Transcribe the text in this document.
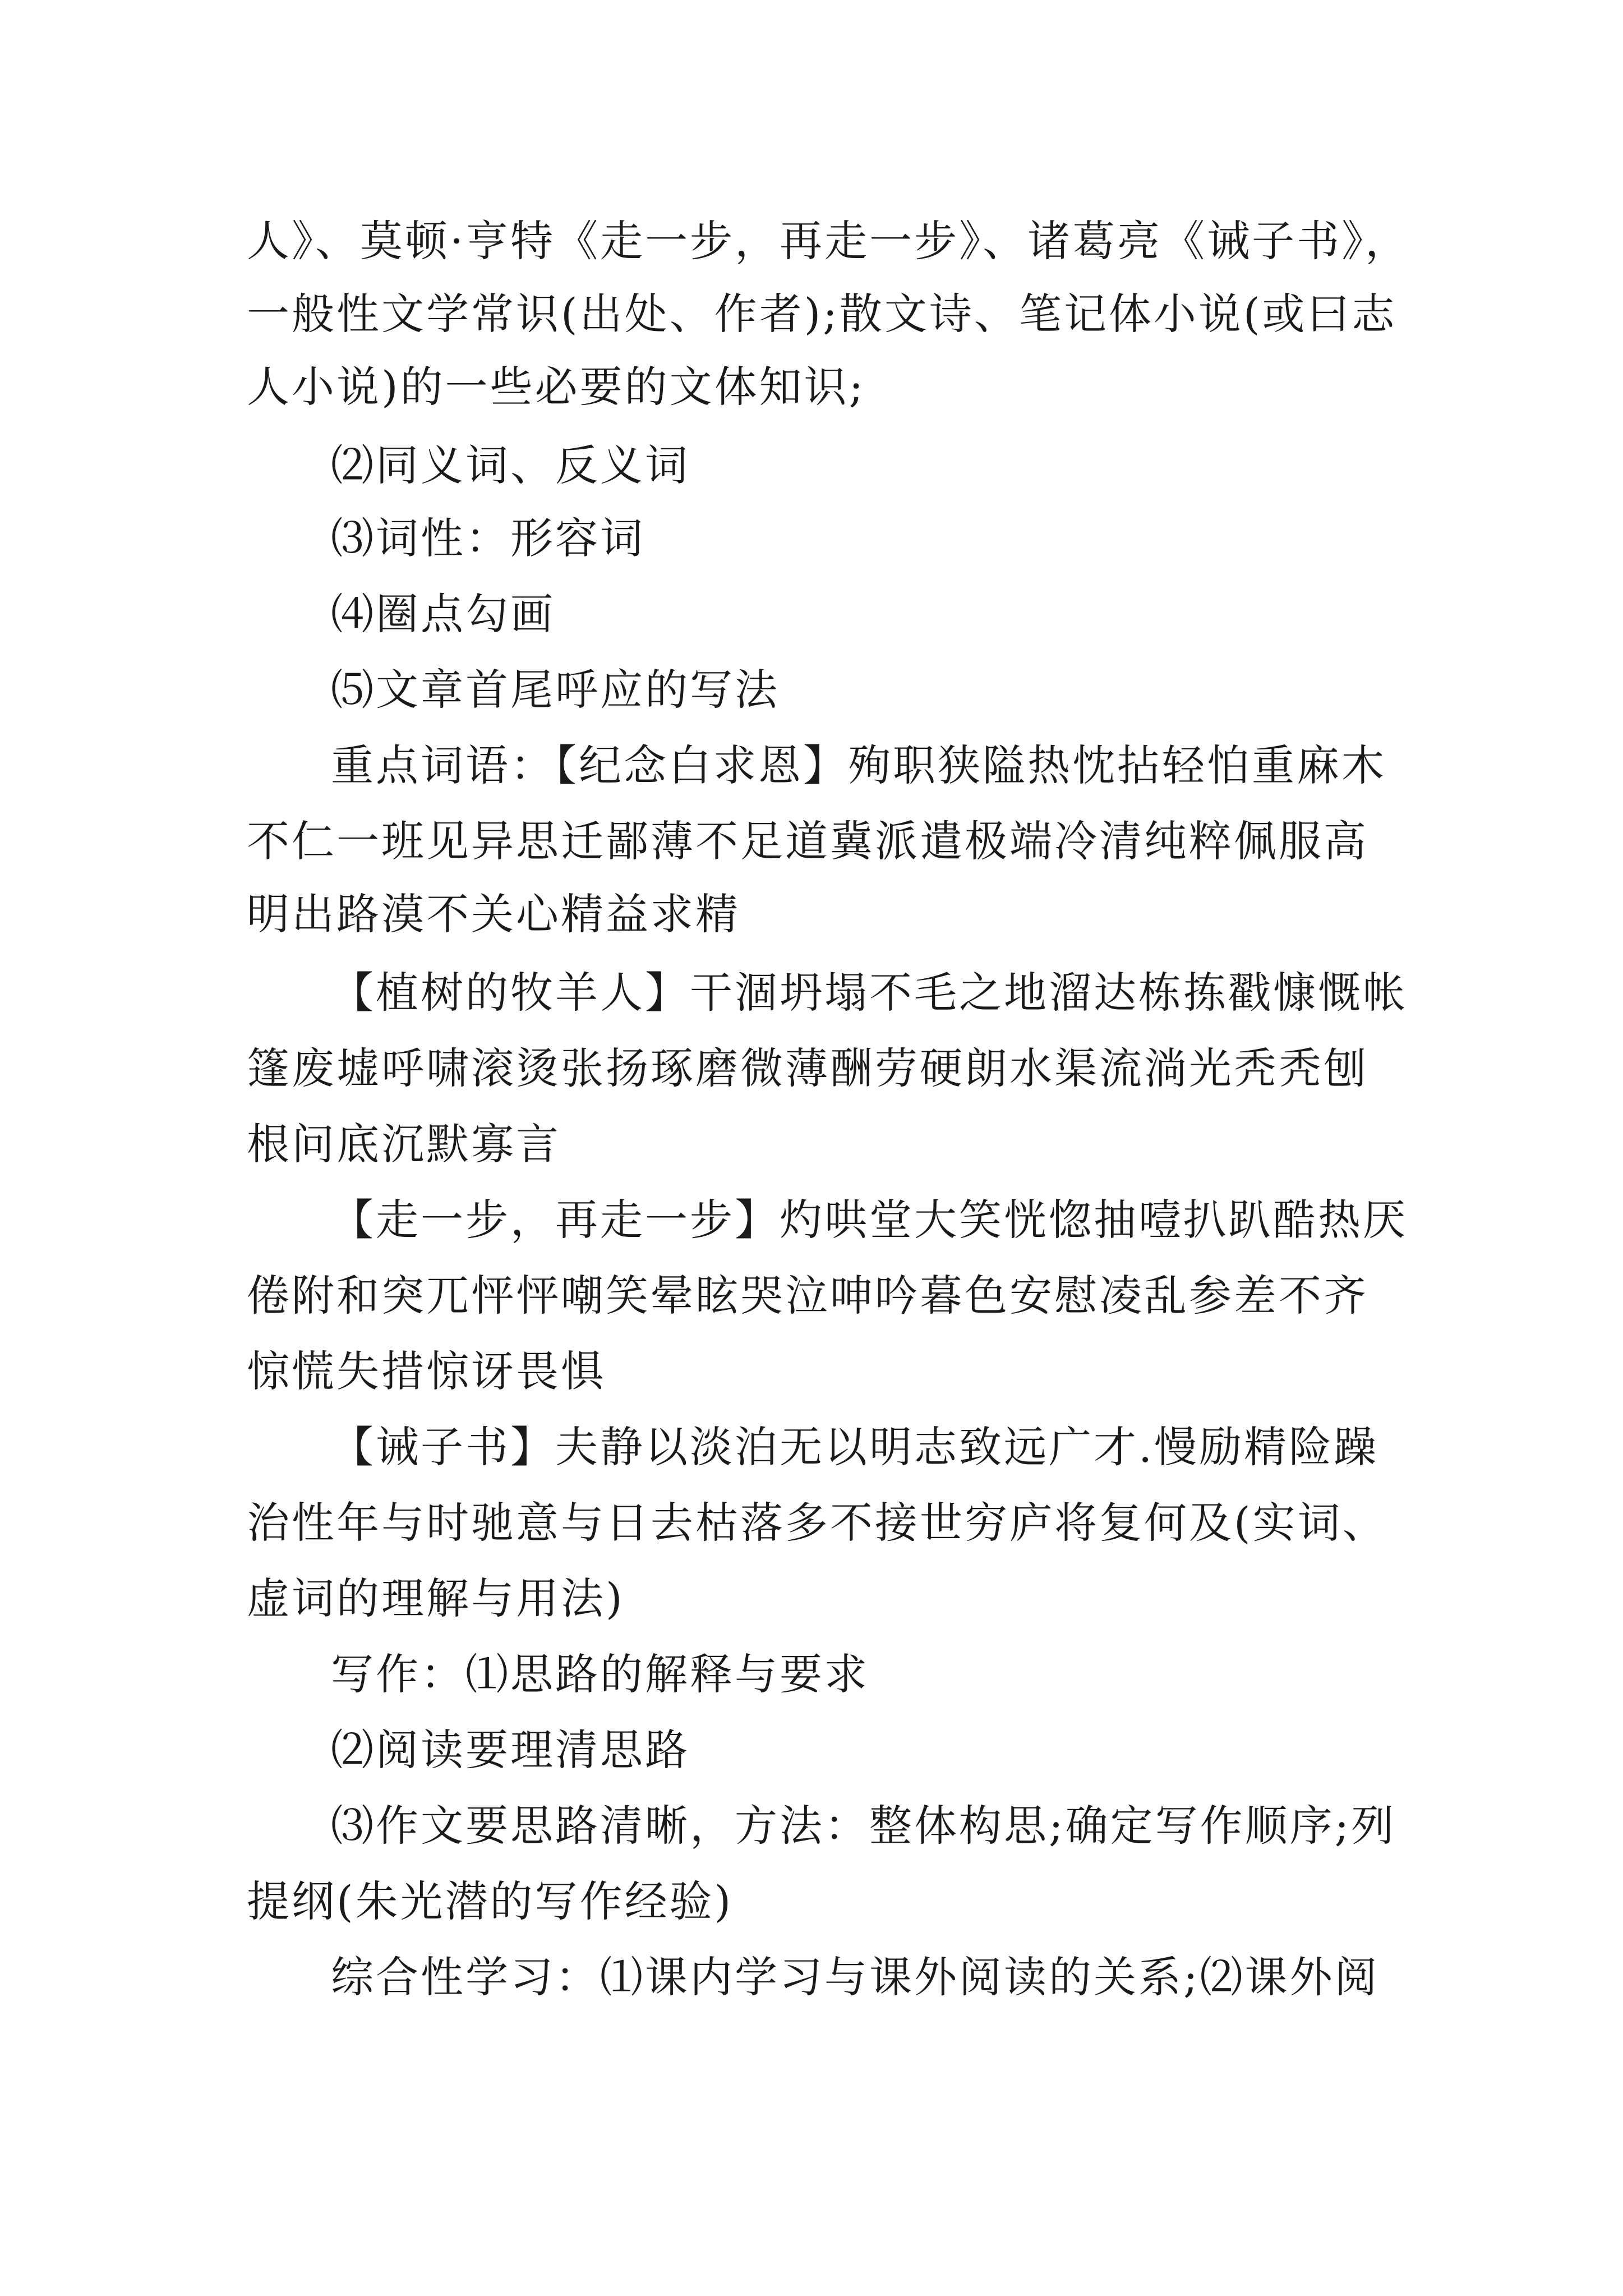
人》、莫顿·亨特《走一步，再走一步》、诸葛亮《诫子书》，
一般性文学常识(出处、作者);散文诗、笔记体小说(或曰志
人小说)的一些必要的文体知识;
⑵同义词、反义词
⑶词性：形容词
⑷圈点勾画
⑸文章首尾呼应的写法
重点词语：【纪念白求恩】殉职狭隘热忱拈轻怕重麻木
不仁一班见异思迁鄙薄不足道冀派遣极端冷清纯粹佩服高
明出路漠不关心精益求精
【植树的牧羊人】干涸坍塌不毛之地溜达栋拣戳慷慨帐
篷废墟呼啸滚烫张扬琢磨微薄酬劳硬朗水渠流淌光秃秃刨
根问底沉默寡言
【走一步，再走一步】灼哄堂大笑恍惚抽噎扒趴酷热厌
倦附和突兀怦怦嘲笑晕眩哭泣呻吟暮色安慰凌乱参差不齐
惊慌失措惊讶畏惧
【诫子书】夫静以淡泊无以明志致远广才.慢励精险躁
治性年与时驰意与日去枯落多不接世穷庐将复何及(实词、
虚词的理解与用法)
写作：⑴思路的解释与要求
⑵阅读要理清思路
⑶作文要思路清晰，方法：整体构思;确定写作顺序;列
提纲(朱光潜的写作经验)
综合性学习：⑴课内学习与课外阅读的关系;⑵课外阅
